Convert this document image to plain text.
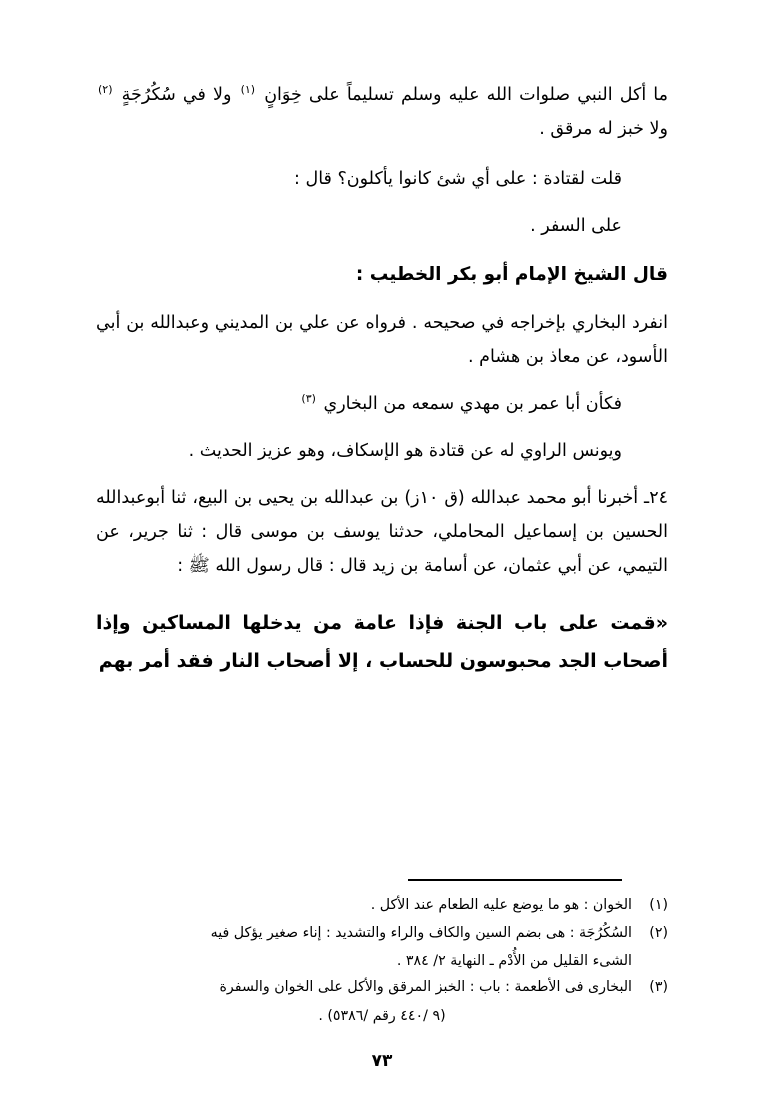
ما أكل النبي صلوات الله عليه وسلم تسليماً على خِوَانٍ $^{(١)}$ ولا في سُكُرُجَةٍ $^{(٢)}$ ولا خبز له مرقق .

قلت لقتادة : على أي شئ كانوا يأكلون؟ قال :

على السفر .

قال الشيخ الإمام أبو بكر الخطيب :

انفرد البخاري بإخراجه في صحيحه . فرواه عن علي بن المديني وعبدالله بن أبي الأسود، عن معاذ بن هشام .

فكأن أبا عمر بن مهدي سمعه من البخاري $^{(٣)}$

ويونس الراوي له عن قتادة هو الإسكاف، وهو عزيز الحديث .

٢٤ـ أخبرنا أبو محمد عبدالله (ق ١٠ز) بن عبدالله بن يحيى بن البيع، ثنا أبوعبدالله الحسين بن إسماعيل المحاملي، حدثنا يوسف بن موسى قال : ثنا جرير، عن التيمي، عن أبي عثمان، عن أسامة بن زيد قال : قال رسول الله ﷺ :

«قمت على باب الجنة فإذا عامة من يدخلها المساكين وإذا أصحاب الجد محبوسون للحساب ، إلا أصحاب النار فقد أمر بهم

(١)
الخوان : هو ما يوضع عليه الطعام عند الأكل .
(٢)
السُكُرُجَة : هى بضم السين والكاف والراء والتشديد : إناء صغير يؤكل فيه
الشىء القليل من الأُدْم ـ النهاية ٢/ ٣٨٤ .
(٣)
البخارى فى الأطعمة : باب : الخبز المرقق والأكل على الخوان والسفرة
(٩ /٤٤٠ رقم /٥٣٨٦) .
٧٣
